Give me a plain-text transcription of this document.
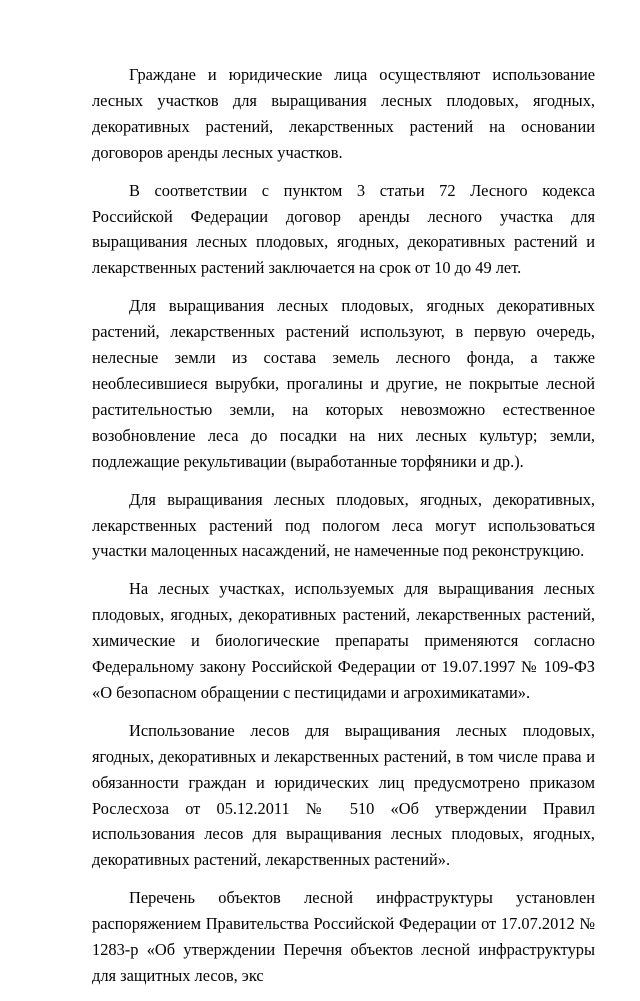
Граждане и юридические лица осуществляют использование лесных участков для выращивания лесных плодовых, ягодных, декоративных растений, лекарственных растений на основании договоров аренды лесных участков.

В соответствии с пунктом 3 статьи 72 Лесного кодекса Российской Федерации договор аренды лесного участка для выращивания лесных плодовых, ягодных, декоративных растений и лекарственных растений заключается на срок от 10 до 49 лет.

Для выращивания лесных плодовых, ягодных декоративных растений, лекарственных растений используют, в первую очередь, нелесные земли из состава земель лесного фонда, а также необлесившиеся вырубки, прогалины и другие, не покрытые лесной растительностью земли, на которых невозможно естественное возобновление леса до посадки на них лесных культур; земли, подлежащие рекультивации (выработанные торфяники и др.).

Для выращивания лесных плодовых, ягодных, декоративных, лекарственных растений под пологом леса могут использоваться участки малоценных насаждений, не намеченные под реконструкцию.

На лесных участках, используемых для выращивания лесных плодовых, ягодных, декоративных растений, лекарственных растений, химические и биологические препараты применяются согласно Федеральному закону Российской Федерации от 19.07.1997 № 109-ФЗ «О безопасном обращении с пестицидами и агрохимикатами».

Использование лесов для выращивания лесных плодовых, ягодных, декоративных и лекарственных растений, в том числе права и обязанности граждан и юридических лиц предусмотрено приказом Рослесхоза от 05.12.2011 № 510 «Об утверждении Правил использования лесов для выращивания лесных плодовых, ягодных, декоративных растений, лекарственных растений».

Перечень объектов лесной инфраструктуры установлен распоряжением Правительства Российской Федерации от 17.07.2012 № 1283-р «Об утверждении Перечня объектов лесной инфраструктуры для защитных лесов, экс
